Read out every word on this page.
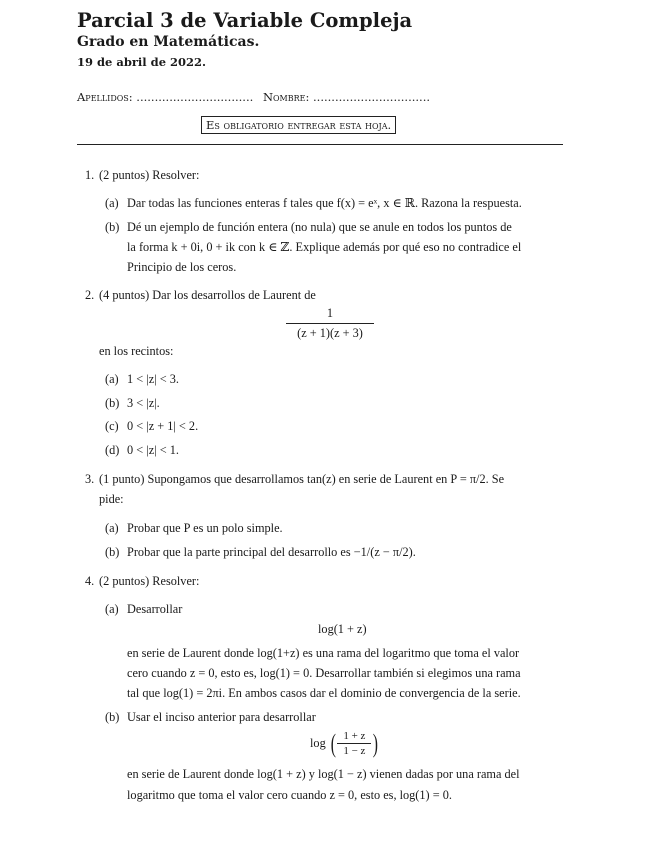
Parcial 3 de Variable Compleja
Grado en Matemáticas.
19 de abril de 2022.
Apellidos: ................................ Nombre: ................................
Es obligatorio entregar esta hoja.
1. (2 puntos) Resolver:
(a) Dar todas las funciones enteras f tales que f(x) = eˣ, x ∈ ℝ. Razona la respuesta.
(b) Dé un ejemplo de función entera (no nula) que se anule en todos los puntos de
la forma k + 0i, 0 + ik con k ∈ ℤ. Explique además por qué eso no contradice el
Principio de los ceros.
2. (4 puntos) Dar los desarrollos de Laurent de
1
(z + 1)(z + 3)
en los recintos:
(a) 1 < |z| < 3.
(b) 3 < |z|.
(c) 0 < |z + 1| < 2.
(d) 0 < |z| < 1.
3. (1 punto) Supongamos que desarrollamos tan(z) en serie de Laurent en P = π/2. Se
pide:
(a) Probar que P es un polo simple.
(b) Probar que la parte principal del desarrollo es −1/(z − π/2).
4. (2 puntos) Resolver:
(a) Desarrollar
log(1 + z)
en serie de Laurent donde log(1+z) es una rama del logaritmo que toma el valor
cero cuando z = 0, esto es, log(1) = 0. Desarrollar también si elegimos una rama
tal que log(1) = 2πi. En ambos casos dar el dominio de convergencia de la serie.
(b) Usar el inciso anterior para desarrollar
log ( $\frac{1 + z}{1 - z}$ )
en serie de Laurent donde log(1 + z) y log(1 − z) vienen dadas por una rama del
logaritmo que toma el valor cero cuando z = 0, esto es, log(1) = 0.
